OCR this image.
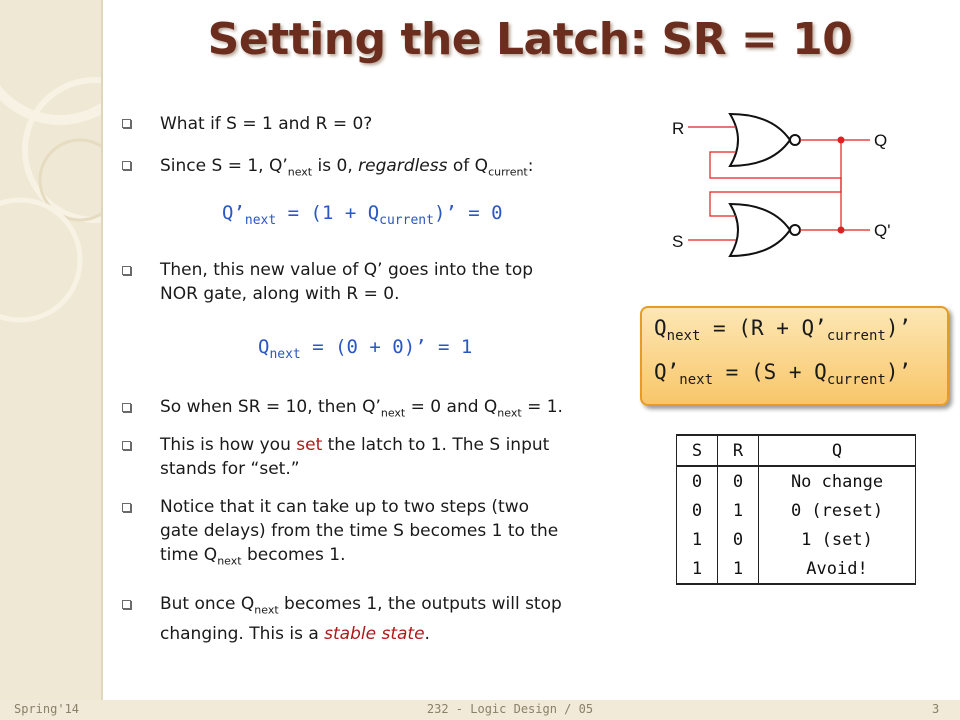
Setting the Latch: SR = 10
What if S = 1 and R = 0?
Since S = 1, $Q’_{next}$ is 0, regardless of $Q_{current}$:
$Q’_{next} = (1 + Q_{current})$’ = 0
Then, this new value of Q’ goes into the top
NOR gate, along with R = 0.
$Q_{next} = (0 + 0)$’ = 1
So when SR = 10, then $Q’_{next} = 0$ and $Q_{next} = 1$.
This is how you set the latch to 1. The S input
stands for “set.”
Notice that it can take up to two steps (two
gate delays) from the time S becomes 1 to the
time $Q_{next}$ becomes 1.
But once $Q_{next}$ becomes 1, the outputs will stop
changing. This is a stable state.
R
S
Q
Q'
$Q_{next} = (R$ + $Q’_{current}$)’
$Q’_{next} = (S + Q_{current})$’
S	R	Q
0	0	No change
0	1	0 (reset)
1	0	1 (set)
1	1	Avoid!
Spring'14	232 - Logic Design / 05	3
